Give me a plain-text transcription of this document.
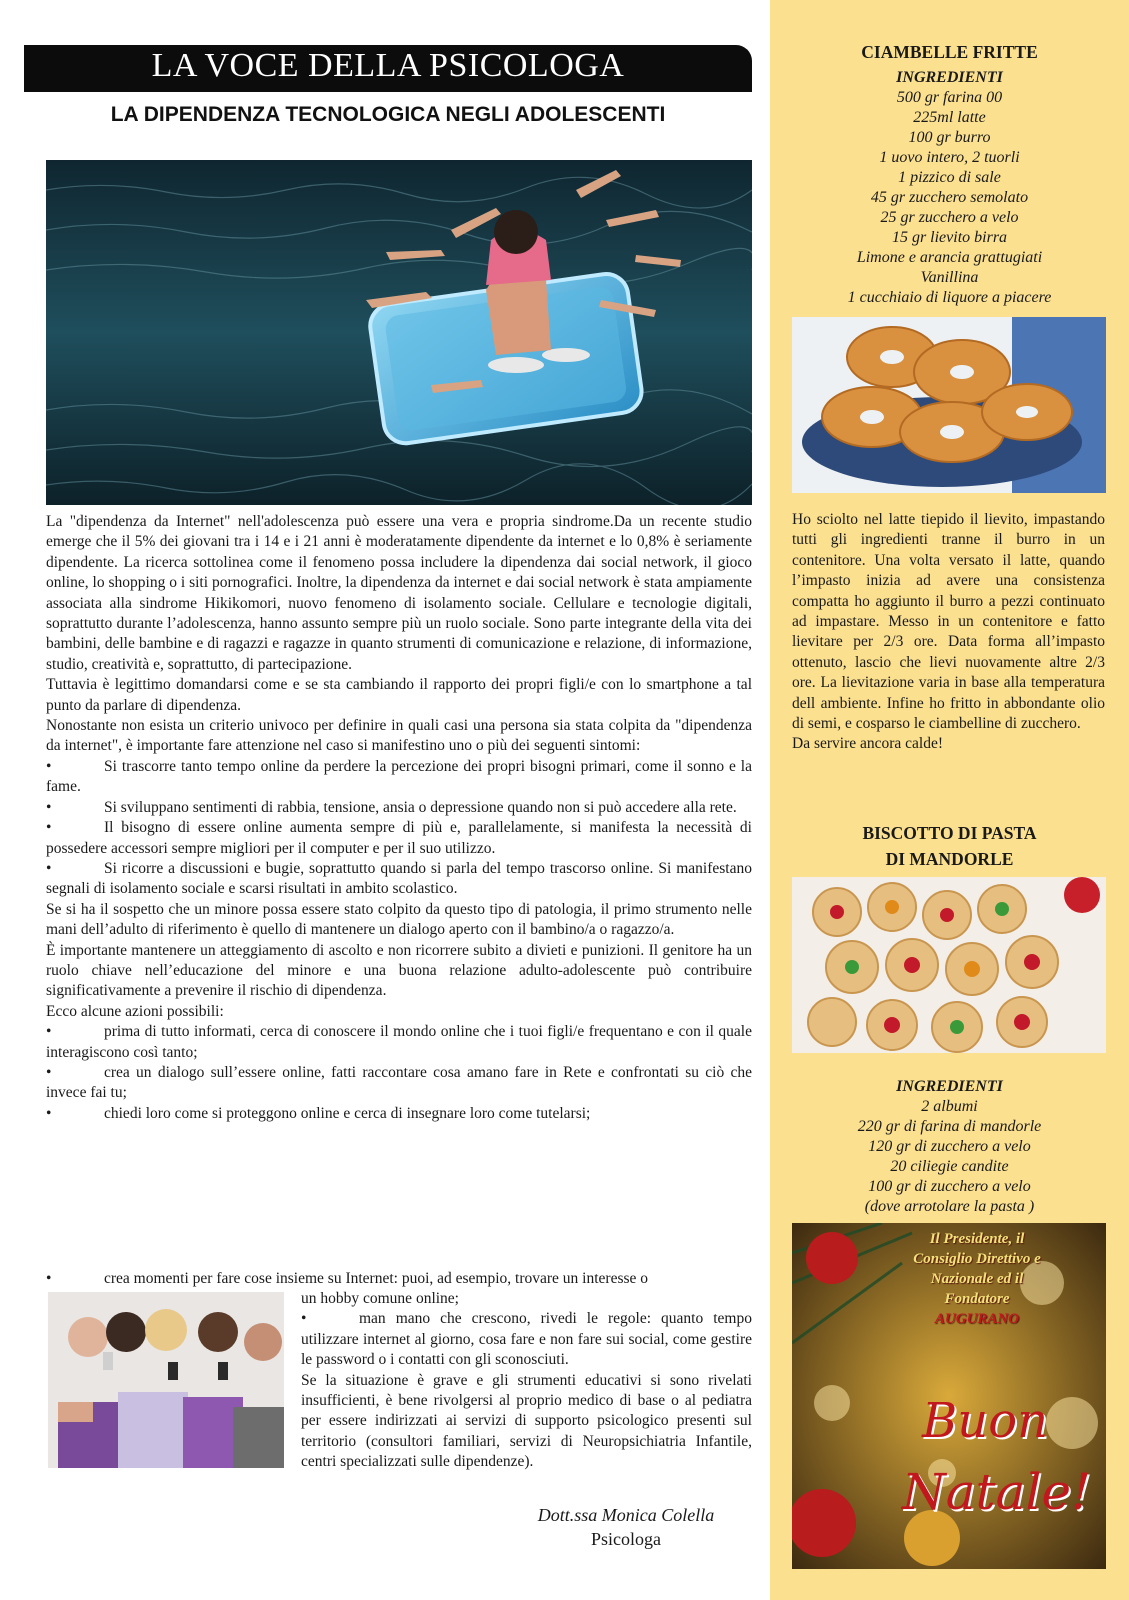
LA VOCE DELLA PSICOLOGA
LA DIPENDENZA TECNOLOGICA NEGLI ADOLESCENTI

La "dipendenza da Internet" nell'adolescenza può essere una vera e propria sindrome.Da un recente studio emerge che il 5% dei giovani tra i 14 e i 21 anni è moderatamente dipendente da internet e lo 0,8% è seriamente dipendente. La ricerca sottolinea come il fenomeno possa includere la dipendenza dai social network, il gioco online, lo shopping o i siti pornografici. Inoltre, la dipendenza da internet e dai social network è stata ampiamente associata alla sindrome Hikikomori, nuovo fenomeno di isolamento sociale. Cellulare e tecnologie digitali, soprattutto durante l’adolescenza, hanno assunto sempre più un ruolo sociale. Sono parte integrante della vita dei bambini, delle bambine e di ragazzi e ragazze in quanto strumenti di comunicazione e relazione, di informazione, studio, creatività e, soprattutto, di partecipazione.

Tuttavia è legittimo domandarsi come e se sta cambiando il rapporto dei propri figli/e con lo smartphone a tal punto da parlare di dipendenza.

Nonostante non esista un criterio univoco per definire in quali casi una persona sia stata colpita da "dipendenza da internet", è importante fare attenzione nel caso si manifestino uno o più dei seguenti sintomi:

•	Si trascorre tanto tempo online da perdere la percezione dei propri bisogni primari, come il sonno e la fame.

•	Si sviluppano sentimenti di rabbia, tensione, ansia o depressione quando non si può accedere alla rete.

•	Il bisogno di essere online aumenta sempre di più e, parallelamente, si manifesta la necessità di possedere accessori sempre migliori per il computer e per il suo utilizzo.

•	Si ricorre a discussioni e bugie, soprattutto quando si parla del tempo trascorso online. Si manifestano segnali di isolamento sociale e scarsi risultati in ambito scolastico.

Se si ha il sospetto che un minore possa essere stato colpito da questo tipo di patologia, il primo strumento nelle mani dell’adulto di riferimento è quello di mantenere un dialogo aperto con il bambino/a o ragazzo/a.

È importante mantenere un atteggiamento di ascolto e non ricorrere subito a divieti e punizioni. Il genitore ha un ruolo chiave nell’educazione del minore e una buona relazione adulto-adolescente può contribuire significativamente a prevenire il rischio di dipendenza.

Ecco alcune azioni possibili:

•	prima di tutto informati, cerca di conoscere il mondo online che i tuoi figli/e frequentano e con il quale interagiscono così tanto;

•	crea un dialogo sull’essere online, fatti raccontare cosa amano fare in Rete e confrontati su ciò che invece fai tu;

•	chiedi loro come si proteggono online e cerca di insegnare loro come tutelarsi;

•	crea momenti per fare cose insieme su Internet: puoi, ad esempio, trovare un interesse o

un hobby comune online;

•	man mano che crescono, rivedi le regole: quanto tempo utilizzare internet al giorno, cosa fare e non fare sui social, come gestire le password o i contatti con gli sconosciuti.

Se la situazione è grave e gli strumenti educativi si sono rivelati insufficienti, è bene rivolgersi al proprio medico di base o al pediatra per essere indirizzati ai servizi di supporto psicologico presenti sul territorio (consultori familiari, servizi di Neuropsichiatria Infantile, centri specializzati sulle dipendenze).

Dott.ssa Monica Colella
Psicologa
CIAMBELLE FRITTE
INGREDIENTI
500 gr farina 00
225ml latte
100 gr burro
1 uovo intero, 2 tuorli
1 pizzico di sale
45 gr zucchero semolato
25 gr zucchero a velo
15 gr lievito birra
Limone e arancia grattugiati
Vanillina
1 cucchiaio di liquore a piacere
Ho sciolto nel latte tiepido il lievito, impastando tutti gli ingredienti tranne il burro in un contenitore. Una volta versato il latte, quando l’impasto inizia ad avere una consistenza compatta ho aggiunto il burro a pezzi continuato ad impastare. Messo in un contenitore e fatto lievitare per 2/3 ore. Data forma all’impasto ottenuto, lascio che lievi nuovamente altre 2/3 ore. La lievitazione varia in base alla temperatura dell ambiente. Infine ho fritto in abbondante olio di semi, e cosparso le ciambelline di zucchero.
Da servire ancora calde!
BISCOTTO DI PASTA
DI MANDORLE
INGREDIENTI
2 albumi
220 gr di farina di mandorle
120 gr di zucchero a velo
20 ciliegie candite
100 gr di zucchero a velo
(dove arrotolare la pasta )
Il Presidente, il
Consiglio Direttivo e
Nazionale ed il
Fondatore
AUGURANO
Buon
Natale!
